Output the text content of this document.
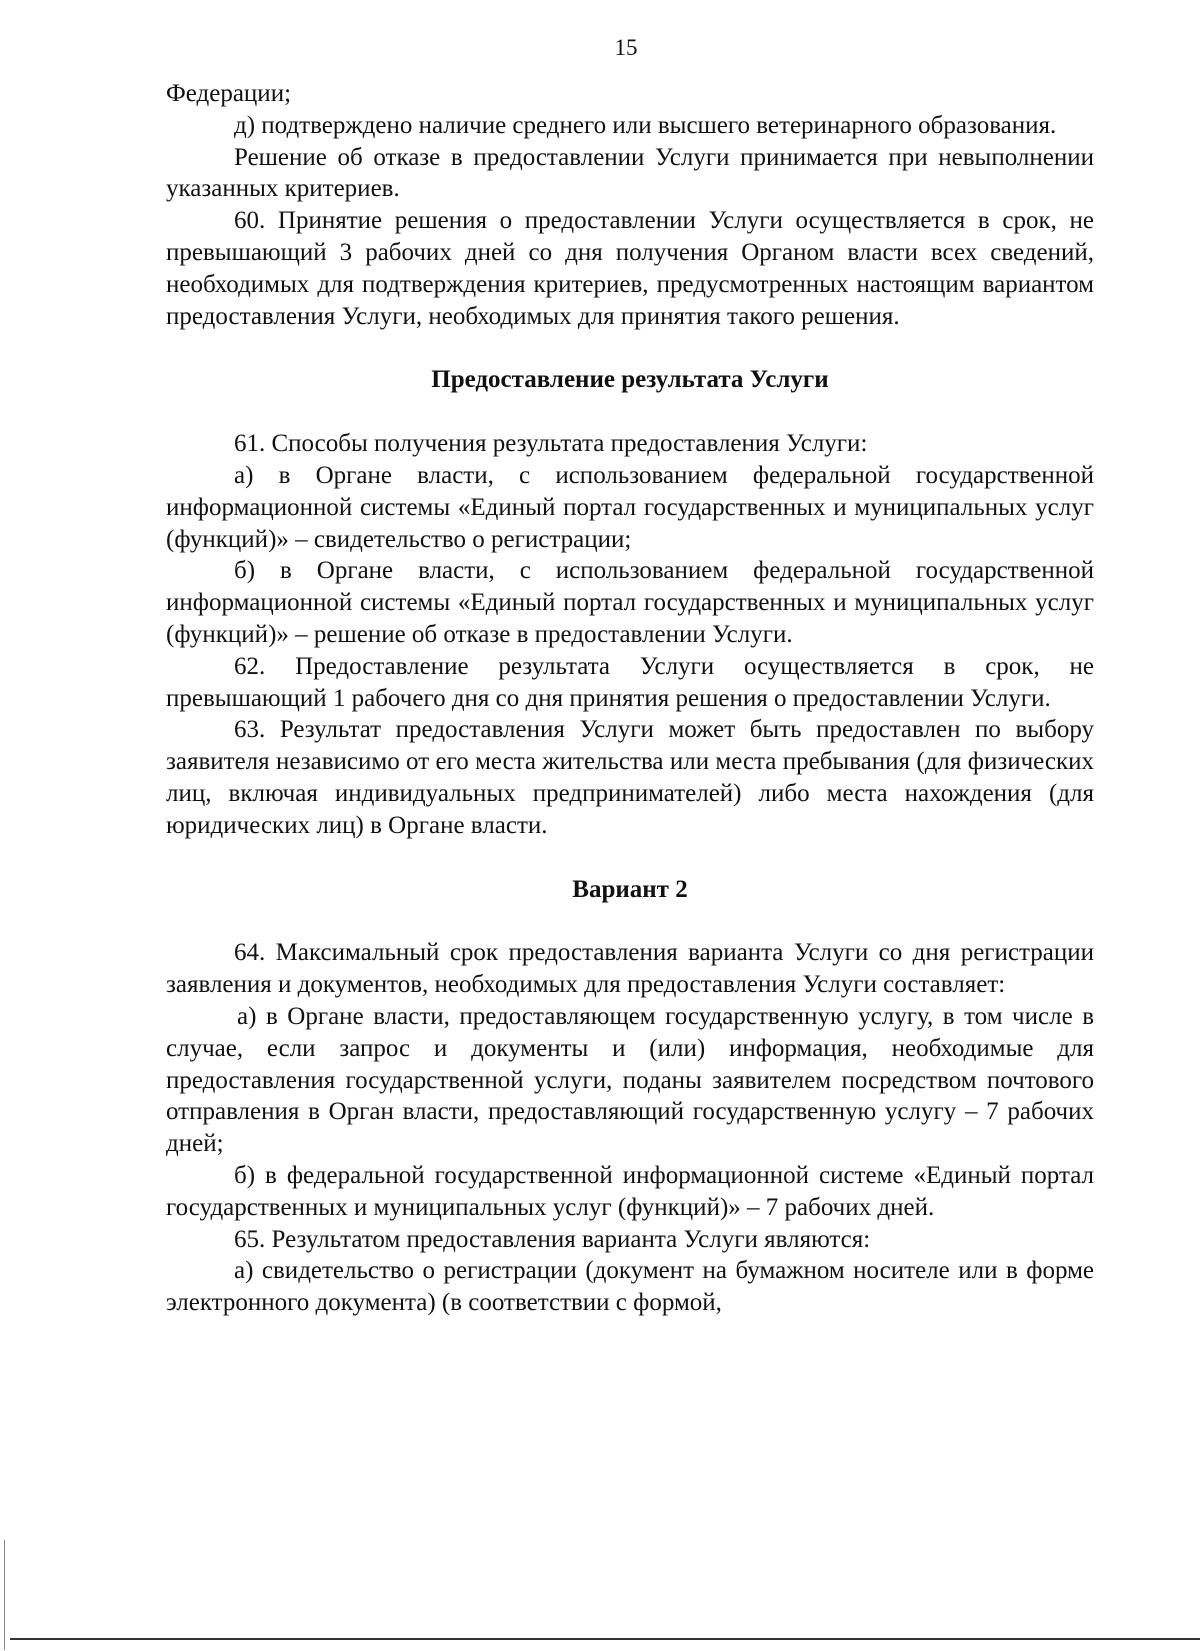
15

Федерации;

д) подтверждено наличие среднего или высшего ветеринарного образования.

Решение об отказе в предоставлении Услуги принимается при невыполнении указанных критериев.

60. Принятие решения о предоставлении Услуги осуществляется в срок, не превышающий 3 рабочих дней со дня получения Органом власти всех сведений, необходимых для подтверждения критериев, предусмотренных настоящим вариантом предоставления Услуги, необходимых для принятия такого решения.

Предоставление результата Услуги

61. Способы получения результата предоставления Услуги:

а) в Органе власти, с использованием федеральной государственной информационной системы «Единый портал государственных и муниципальных услуг (функций)» – свидетельство о регистрации;

б) в Органе власти, с использованием федеральной государственной информационной системы «Единый портал государственных и муниципальных услуг (функций)» – решение об отказе в предоставлении Услуги.

62. Предоставление результата Услуги осуществляется в срок, не превышающий 1 рабочего дня со дня принятия решения о предоставлении Услуги.

63. Результат предоставления Услуги может быть предоставлен по выбору заявителя независимо от его места жительства или места пребывания (для физических лиц, включая индивидуальных предпринимателей) либо места нахождения (для юридических лиц) в Органе власти.

Вариант 2

64. Максимальный срок предоставления варианта Услуги со дня регистрации заявления и документов, необходимых для предоставления Услуги составляет:

а) в Органе власти, предоставляющем государственную услугу, в том числе в случае, если запрос и документы и (или) информация, необходимые для предоставления государственной услуги, поданы заявителем посредством почтового отправления в Орган власти, предоставляющий государственную услугу – 7 рабочих дней;

б) в федеральной государственной информационной системе «Единый портал государственных и муниципальных услуг (функций)» – 7 рабочих дней.

65. Результатом предоставления варианта Услуги являются:

а) свидетельство о регистрации (документ на бумажном носителе или в форме электронного документа) (в соответствии с формой,
